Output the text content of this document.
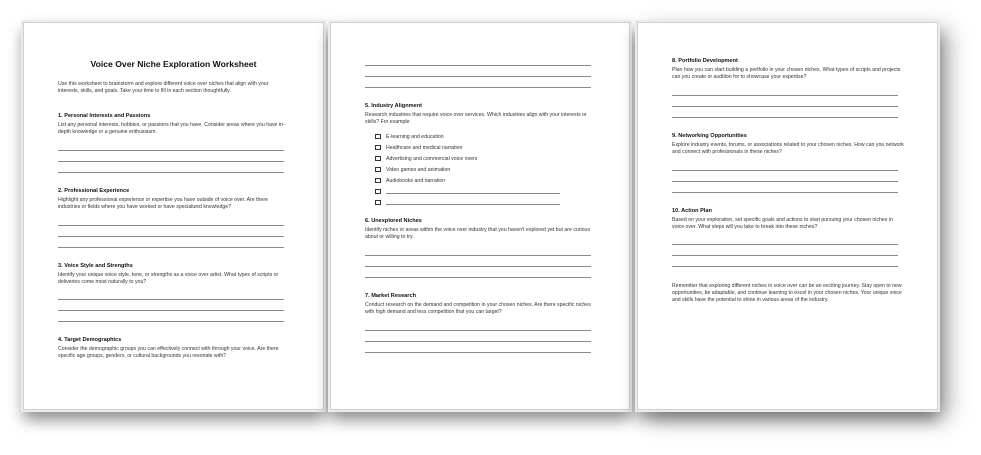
Voice Over Niche Exploration Worksheet
Use this worksheet to brainstorm and explore different voice over niches that align with your interests, skills, and goals. Take your time to fill in each section thoughtfully.
1. Personal Interests and Passions
List any personal interests, hobbies, or passions that you have. Consider areas where you have in-depth knowledge or a genuine enthusiasm.
2. Professional Experience
Highlight any professional experience or expertise you have outside of voice over. Are there industries or fields where you have worked or have specialized knowledge?
3. Voice Style and Strengths
Identify your unique voice style, tone, or strengths as a voice over artist. What types of scripts or deliveries come most naturally to you?
4. Target Demographics
Consider the demographic groups you can effectively connect with through your voice. Are there specific age groups, genders, or cultural backgrounds you resonate with?
5. Industry Alignment
Research industries that require voice over services. Which industries align with your interests or skills? For example:
E-learning and education
Healthcare and medical narration
Advertising and commercial voice overs
Video games and animation
Audiobooks and narration
6. Unexplored Niches
Identify niches or areas within the voice over industry that you haven't explored yet but are curious about or willing to try.
7. Market Research
Conduct research on the demand and competition in your chosen niches. Are there specific niches with high demand and less competition that you can target?
8. Portfolio Development
Plan how you can start building a portfolio in your chosen niches. What types of scripts and projects can you create or audition for to showcase your expertise?
9. Networking Opportunities
Explore industry events, forums, or associations related to your chosen niches. How can you network and connect with professionals in these niches?
10. Action Plan
Based on your exploration, set specific goals and actions to start pursuing your chosen niches in voice over. What steps will you take to break into these niches?
Remember that exploring different niches in voice over can be an exciting journey. Stay open to new opportunities, be adaptable, and continue learning to excel in your chosen niches. Your unique voice and skills have the potential to shine in various areas of the industry.
